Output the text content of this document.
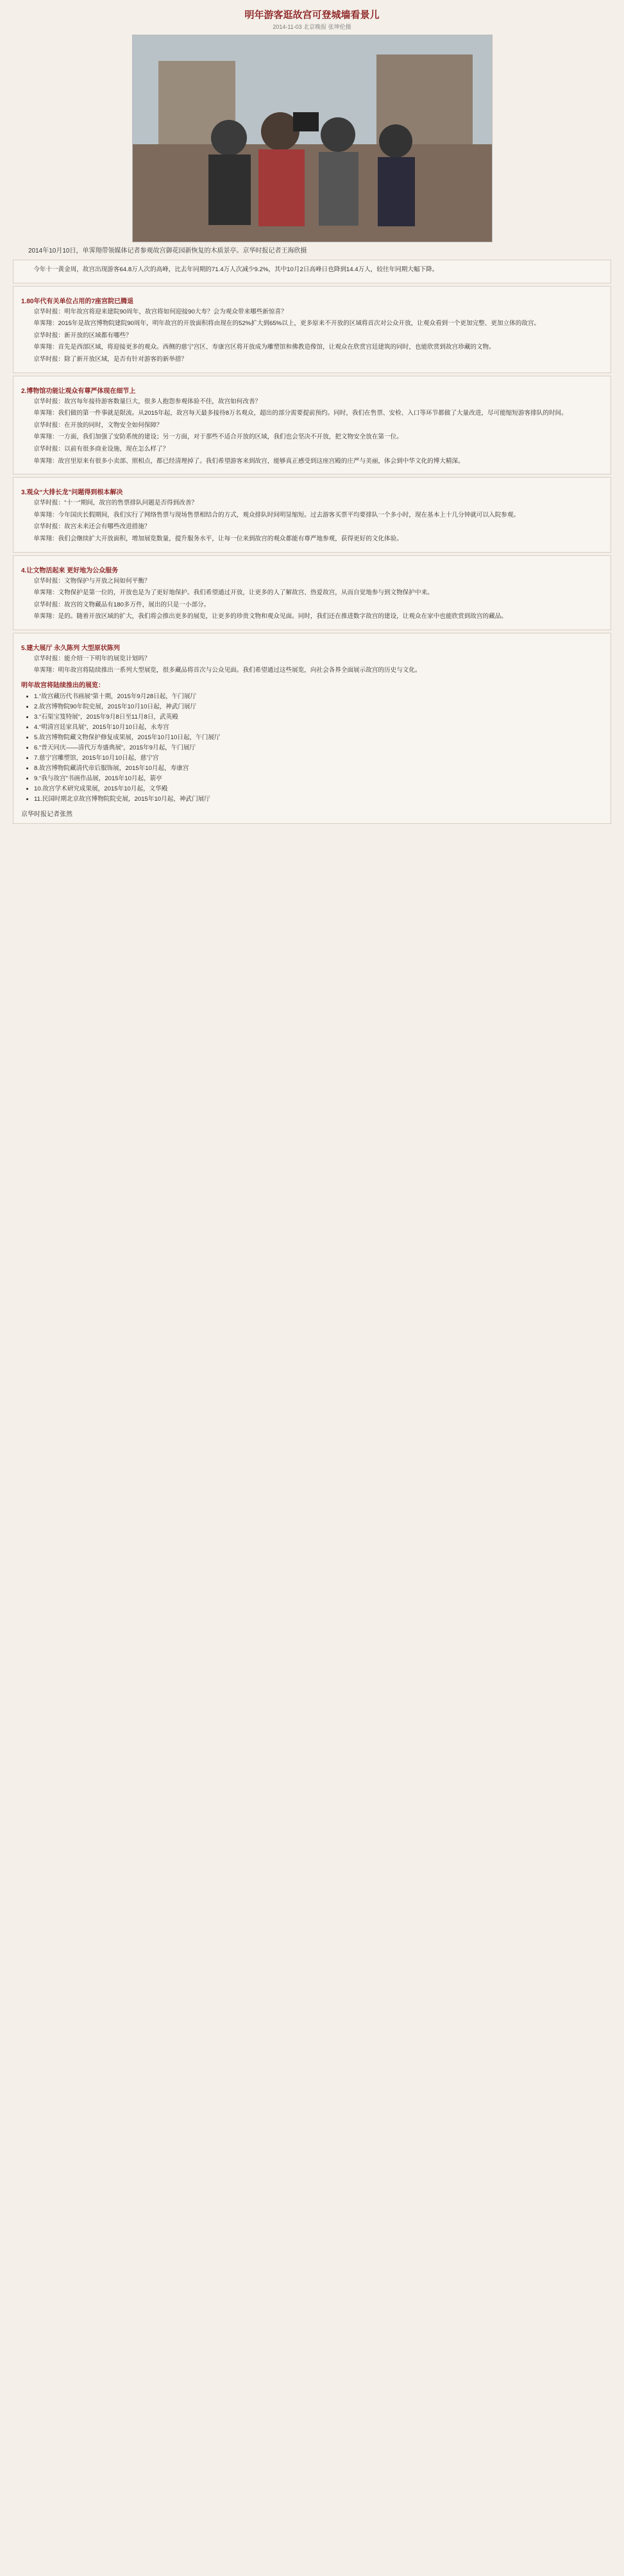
明年游客逛故宫可登城墙看景儿
2014-11-03 北京晚报 张坤伦摄
2014年10月10日，单霁翔带领媒体记者参观故宫御花园新恢复的木质景亭。京华时报记者王海欣摄

今年十一黄金周，故宫出现游客64.8万人次的高峰，比去年同期的71.4万人次减少9.2%，其中10月2日高峰日也降到14.4万人，较往年同期大幅下降。

1.80年代有关单位占用的7座宫院已腾退

京华时报：明年故宫将迎来建院90周年，故宫将如何迎接90大寿？会为观众带来哪些新惊喜？

单霁翔：2015年是故宫博物院建院90周年，明年故宫的开放面积将由现在的52%扩大到65%以上，更多原来不开放的区域将首次对公众开放，让观众看到一个更加完整、更加立体的故宫。

京华时报：新开放的区域都有哪些？

单霁翔：首先是西部区域，将迎接更多的观众。西侧的慈宁宫区、寿康宫区将开放成为雕塑馆和佛教造像馆，让观众在欣赏宫廷建筑的同时，也能欣赏到故宫珍藏的文物。

京华时报：除了新开放区域，是否有针对游客的新举措？

2.博物馆功能让观众有尊严体现在细节上

京华时报：故宫每年接待游客数量巨大，很多人抱怨参观体验不佳，故宫如何改善？

单霁翔：我们做的第一件事就是限流。从2015年起，故宫每天最多接待8万名观众，超出的部分需要提前预约。同时，我们在售票、安检、入口等环节都做了大量改进，尽可能缩短游客排队的时间。

京华时报：在开放的同时，文物安全如何保障？

单霁翔：一方面，我们加强了安防系统的建设；另一方面，对于那些不适合开放的区域，我们也会坚决不开放，把文物安全放在第一位。

京华时报：以前有很多商业设施，现在怎么样了？

单霁翔：故宫里原来有很多小卖部、照相点，都已经清理掉了。我们希望游客来到故宫，能够真正感受到这座宫殿的庄严与美丽，体会到中华文化的博大精深。

3.观众“大排长龙”问题得到根本解决

京华时报：“十一”期间，故宫的售票排队问题是否得到改善？

单霁翔：今年国庆长假期间，我们实行了网络售票与现场售票相结合的方式，观众排队时间明显缩短。过去游客买票平均要排队一个多小时，现在基本上十几分钟就可以入院参观。

京华时报：故宫未来还会有哪些改进措施？

单霁翔：我们会继续扩大开放面积，增加展览数量，提升服务水平，让每一位来到故宫的观众都能有尊严地参观，获得更好的文化体验。

4.让文物活起来 更好地为公众服务

京华时报：文物保护与开放之间如何平衡？

单霁翔：文物保护是第一位的，开放也是为了更好地保护。我们希望通过开放，让更多的人了解故宫、热爱故宫，从而自觉地参与到文物保护中来。

京华时报：故宫的文物藏品有180多万件，展出的只是一小部分。

单霁翔：是的。随着开放区域的扩大，我们将会推出更多的展览，让更多的珍贵文物和观众见面。同时，我们还在推进数字故宫的建设，让观众在家中也能欣赏到故宫的藏品。

5.建大展厅 永久陈列 大型原状陈列

京华时报：能介绍一下明年的展览计划吗？

单霁翔：明年故宫将陆续推出一系列大型展览，很多藏品将首次与公众见面。我们希望通过这些展览，向社会各界全面展示故宫的历史与文化。

明年故宫将陆续推出的展览：
• 1.“故宫藏历代书画展”第十期，2015年9月28日起，午门展厅
• 2.故宫博物院90年院史展，2015年10月10日起，神武门展厅
• 3.“石渠宝笈特展”，2015年9月8日至11月8日，武英殿
• 4.“明清宫廷家具展”，2015年10月10日起，永寿宫
• 5.故宫博物院藏文物保护修复成果展，2015年10月10日起，午门展厅
• 6.“普天同庆——清代万寿盛典展”，2015年9月起，午门展厅
• 7.慈宁宫雕塑馆，2015年10月10日起，慈宁宫
• 8.故宫博物院藏清代帝后服饰展，2015年10月起，寿康宫
• 9.“我与故宫”书画作品展，2015年10月起，箭亭
• 10.故宫学术研究成果展，2015年10月起，文华殿
• 11.民国时期北京故宫博物院院史展，2015年10月起，神武门展厅
京华时报记者张然
